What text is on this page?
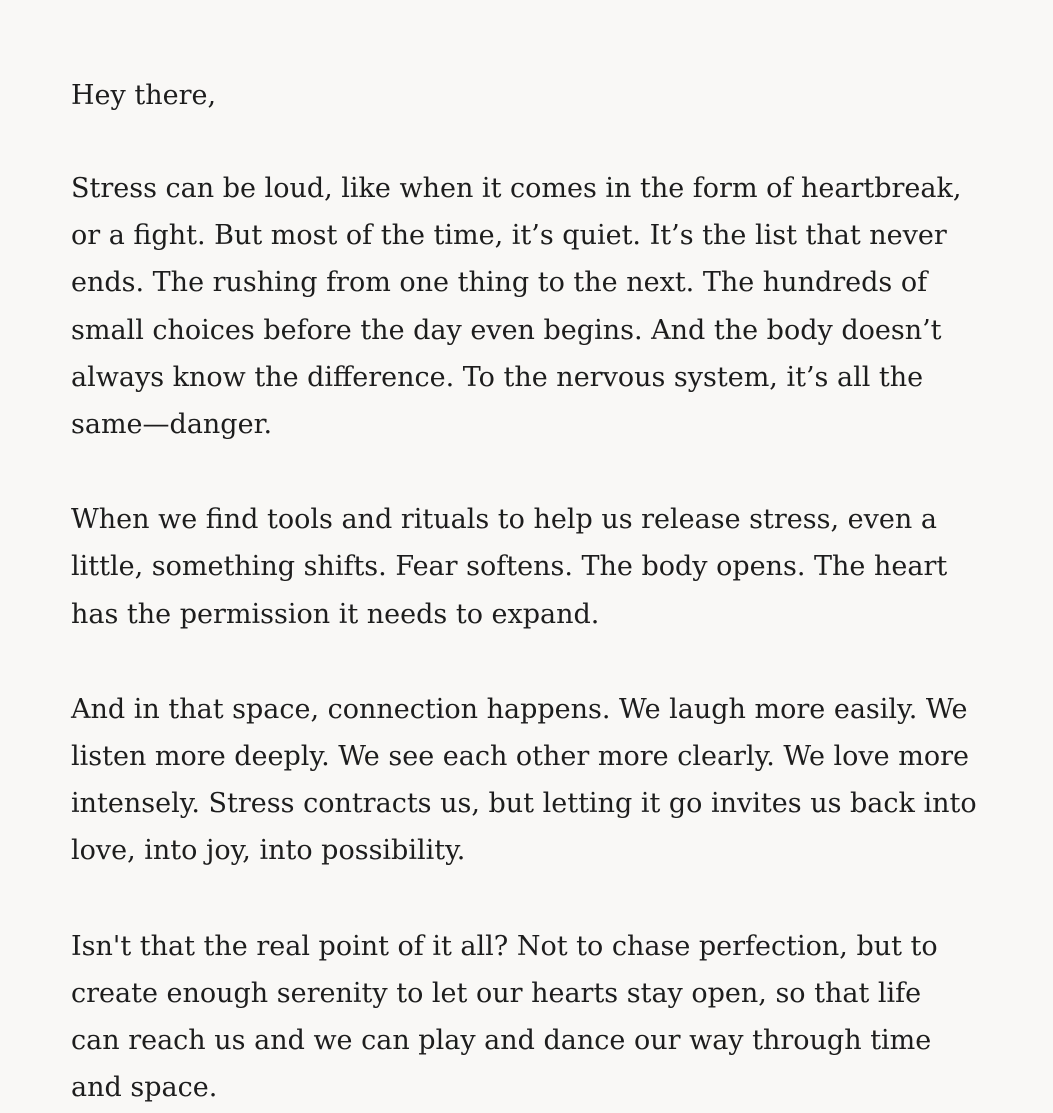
Hey there,

Stress can be loud, like when it comes in the form of heartbreak,
or a fight. But most of the time, it’s quiet. It’s the list that never
ends. The rushing from one thing to the next. The hundreds of
small choices before the day even begins. And the body doesn’t
always know the difference. To the nervous system, it’s all the
same—danger.

When we find tools and rituals to help us release stress, even a
little, something shifts. Fear softens. The body opens. The heart
has the permission it needs to expand.

And in that space, connection happens. We laugh more easily. We
listen more deeply. We see each other more clearly. We love more
intensely. Stress contracts us, but letting it go invites us back into
love, into joy, into possibility.

Isn't that the real point of it all? Not to chase perfection, but to
create enough serenity to let our hearts stay open, so that life
can reach us and we can play and dance our way through time
and space.
